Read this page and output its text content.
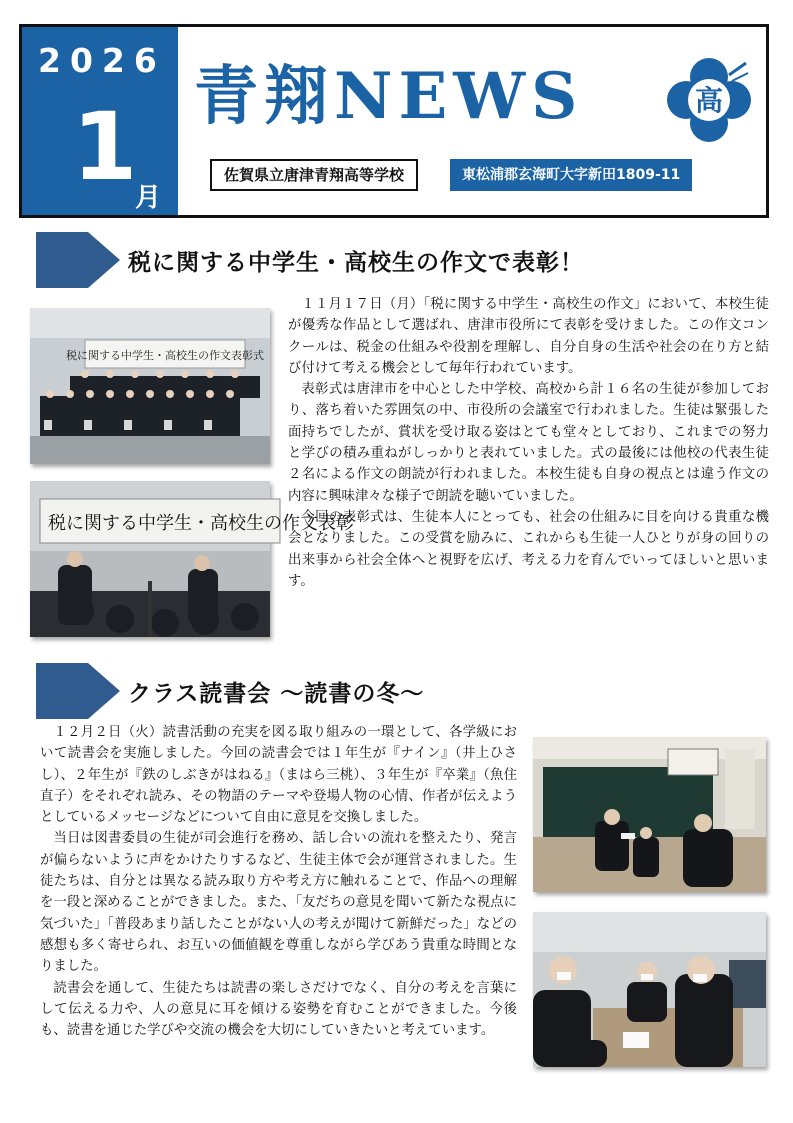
2026
1
月
青翔NEWS	高
佐賀県立唐津青翔高等学校	東松浦郡玄海町大字新田1809-11
税に関する中学生・高校生の作文で表彰！
税に関する中学生・高校生の作文表彰式
税に関する中学生・高校生の作文表彰

１１月１７日（月）「税に関する中学生・高校生の作文」において、本校生徒が優秀な作品として選ばれ、唐津市役所にて表彰を受けました。この作文コンクールは、税金の仕組みや役割を理解し、自分自身の生活や社会の在り方と結び付けて考える機会として毎年行われています。

表彰式は唐津市を中心とした中学校、高校から計１６名の生徒が参加しており、落ち着いた雰囲気の中、市役所の会議室で行われました。生徒は緊張した面持ちでしたが、賞状を受け取る姿はとても堂々としており、これまでの努力と学びの積み重ねがしっかりと表れていました。式の最後には他校の代表生徒２名による作文の朗読が行われました。本校生徒も自身の視点とは違う作文の内容に興味津々な様子で朗読を聴いていました。

今回の表彰式は、生徒本人にとっても、社会の仕組みに目を向ける貴重な機会となりました。この受賞を励みに、これからも生徒一人ひとりが身の回りの出来事から社会全体へと視野を広げ、考える力を育んでいってほしいと思います。

クラス読書会 ～読書の冬～

１２月２日（火）読書活動の充実を図る取り組みの一環として、各学級において読書会を実施しました。今回の読書会では１年生が『ナイン』（井上ひさし）、２年生が『鉄のしぶきがはねる』（まはら三桃）、３年生が『卒業』（魚住直子）をそれぞれ読み、その物語のテーマや登場人物の心情、作者が伝えようとしているメッセージなどについて自由に意見を交換しました。

当日は図書委員の生徒が司会進行を務め、話し合いの流れを整えたり、発言が偏らないように声をかけたりするなど、生徒主体で会が運営されました。生徒たちは、自分とは異なる読み取り方や考え方に触れることで、作品への理解を一段と深めることができました。また、「友だちの意見を聞いて新たな視点に気づいた」「普段あまり話したことがない人の考えが聞けて新鮮だった」などの感想も多く寄せられ、お互いの価値観を尊重しながら学びあう貴重な時間となりました。

読書会を通して、生徒たちは読書の楽しさだけでなく、自分の考えを言葉にして伝える力や、人の意見に耳を傾ける姿勢を育むことができました。今後も、読書を通じた学びや交流の機会を大切にしていきたいと考えています。
